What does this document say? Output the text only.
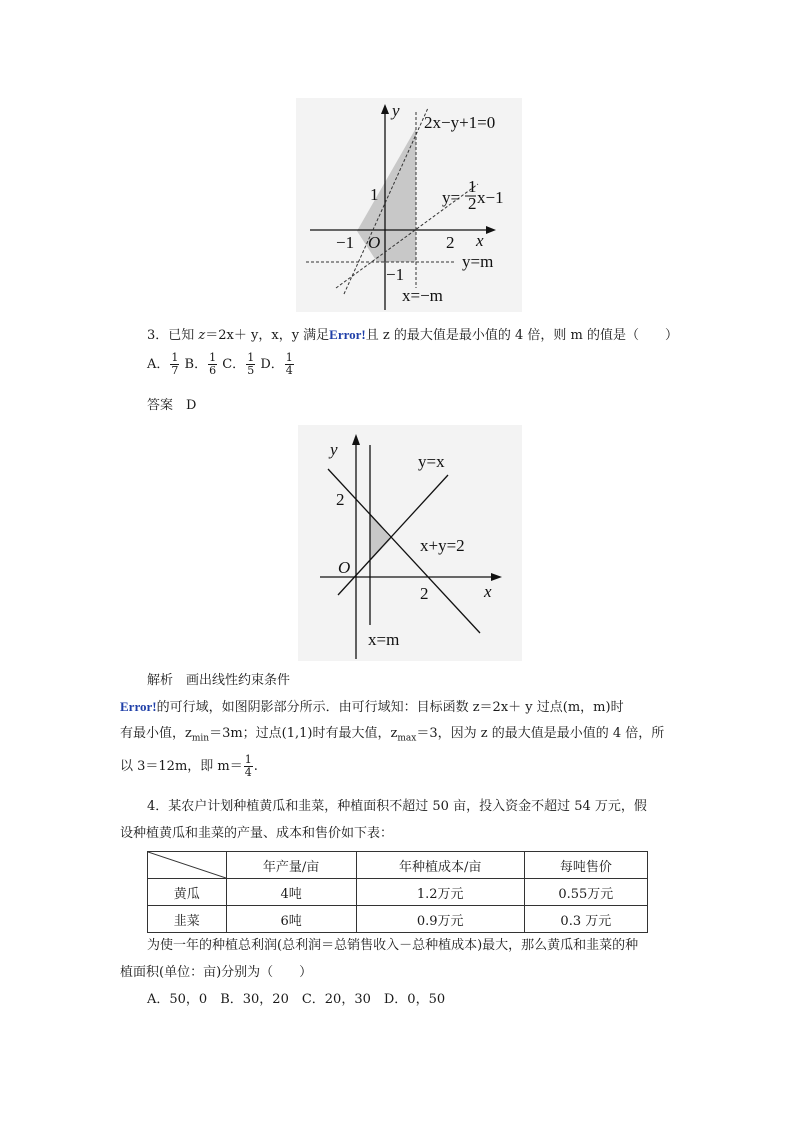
y
2x−y+1=0
y=
1
2 x−1
1
−1 O	2 x
−1
y=m
x=−m
3．已知 z＝2x＋ y，x，y 满足Error!且 z 的最大值是最小值的 4 倍，则 m 的值是（　　）
A． $\frac{1}{7}$ B． $\frac{1}{6}$ C． $\frac{1}{5}$ D． $\frac{1}{4}$
答案　D
y
y=x
2
x+y=2
O
2	x
x=m
解析　画出线性约束条件
Error!的可行域，如图阴影部分所示．由可行域知：目标函数 z＝2x＋ y 过点(m，m)时
有最小值，$z_{min}=3m$；过点(1,1)时有最大值，$z_{max}=3$，因为 z 的最大值是最小值的 4 倍，所
以 3＝12m，即 $m= \frac{1}{4}$ .
4．某农户计划种植黄瓜和韭菜，种植面积不超过 50 亩，投入资金不超过 54 万元，假
设种植黄瓜和韭菜的产量、成本和售价如下表：
	年产量/亩	年种植成本/亩	每吨售价
黄瓜	4吨	1.2万元	0.55万元
韭菜	6吨	0.9万元	0.3 万元
为使一年的种植总利润(总利润＝总销售收入－总种植成本)最大，那么黄瓜和韭菜的种
植面积(单位：亩)分别为（　　）
A．50，0　B．30，20　C．20，30　D．0，50
